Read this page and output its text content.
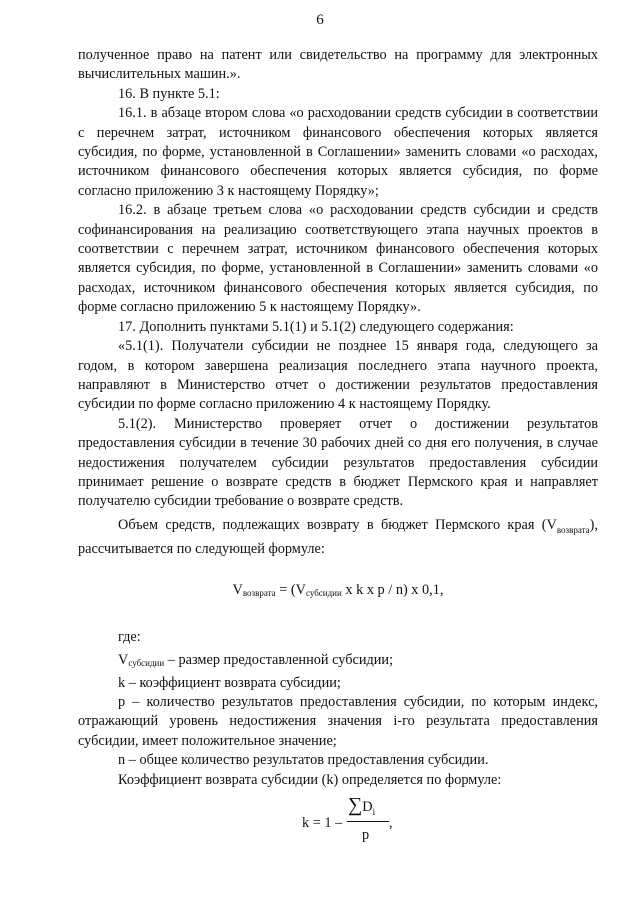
6

полученное право на патент или свидетельство на программу для электронных вычислительных машин.».

16. В пункте 5.1:

16.1. в абзаце втором слова «о расходовании средств субсидии в соответствии с перечнем затрат, источником финансового обеспечения которых является субсидия, по форме, установленной в Соглашении» заменить словами «о расходах, источником финансового обеспечения которых является субсидия, по форме согласно приложению 3 к настоящему Порядку»;

16.2. в абзаце третьем слова «о расходовании средств субсидии и средств софинансирования на реализацию соответствующего этапа научных проектов в соответствии с перечнем затрат, источником финансового обеспечения которых является субсидия, по форме, установленной в Соглашении» заменить словами «о расходах, источником финансового обеспечения которых является субсидия, по форме согласно приложению 5 к настоящему Порядку».

17. Дополнить пунктами 5.1(1) и 5.1(2) следующего содержания:

«5.1(1). Получатели субсидии не позднее 15 января года, следующего за годом, в котором завершена реализация последнего этапа научного проекта, направляют в Министерство отчет о достижении результатов предоставления субсидии по форме согласно приложению 4 к настоящему Порядку.

5.1(2). Министерство проверяет отчет о достижении результатов предоставления субсидии в течение 30 рабочих дней со дня его получения, в случае недостижения получателем субсидии результатов предоставления субсидии принимает решение о возврате средств в бюджет Пермского края и направляет получателю субсидии требование о возврате средств.

Объем средств, подлежащих возврату в бюджет Пермского края $(V_{возврата})$, рассчитывается по следующей формуле:

$V_{возврата} = (V_{субсидии}$ x k x p / n) x 0,1,

где:

$V_{субсидии}$ – размер предоставленной субсидии;

k – коэффициент возврата субсидии;

p – количество результатов предоставления субсидии, по которым индекс, отражающий уровень недостижения значения i-го результата предоставления субсидии, имеет положительное значение;

n – общее количество результатов предоставления субсидии.

Коэффициент возврата субсидии (k) определяется по формуле:

k = 1 –
$\sum D_i$
p
,
